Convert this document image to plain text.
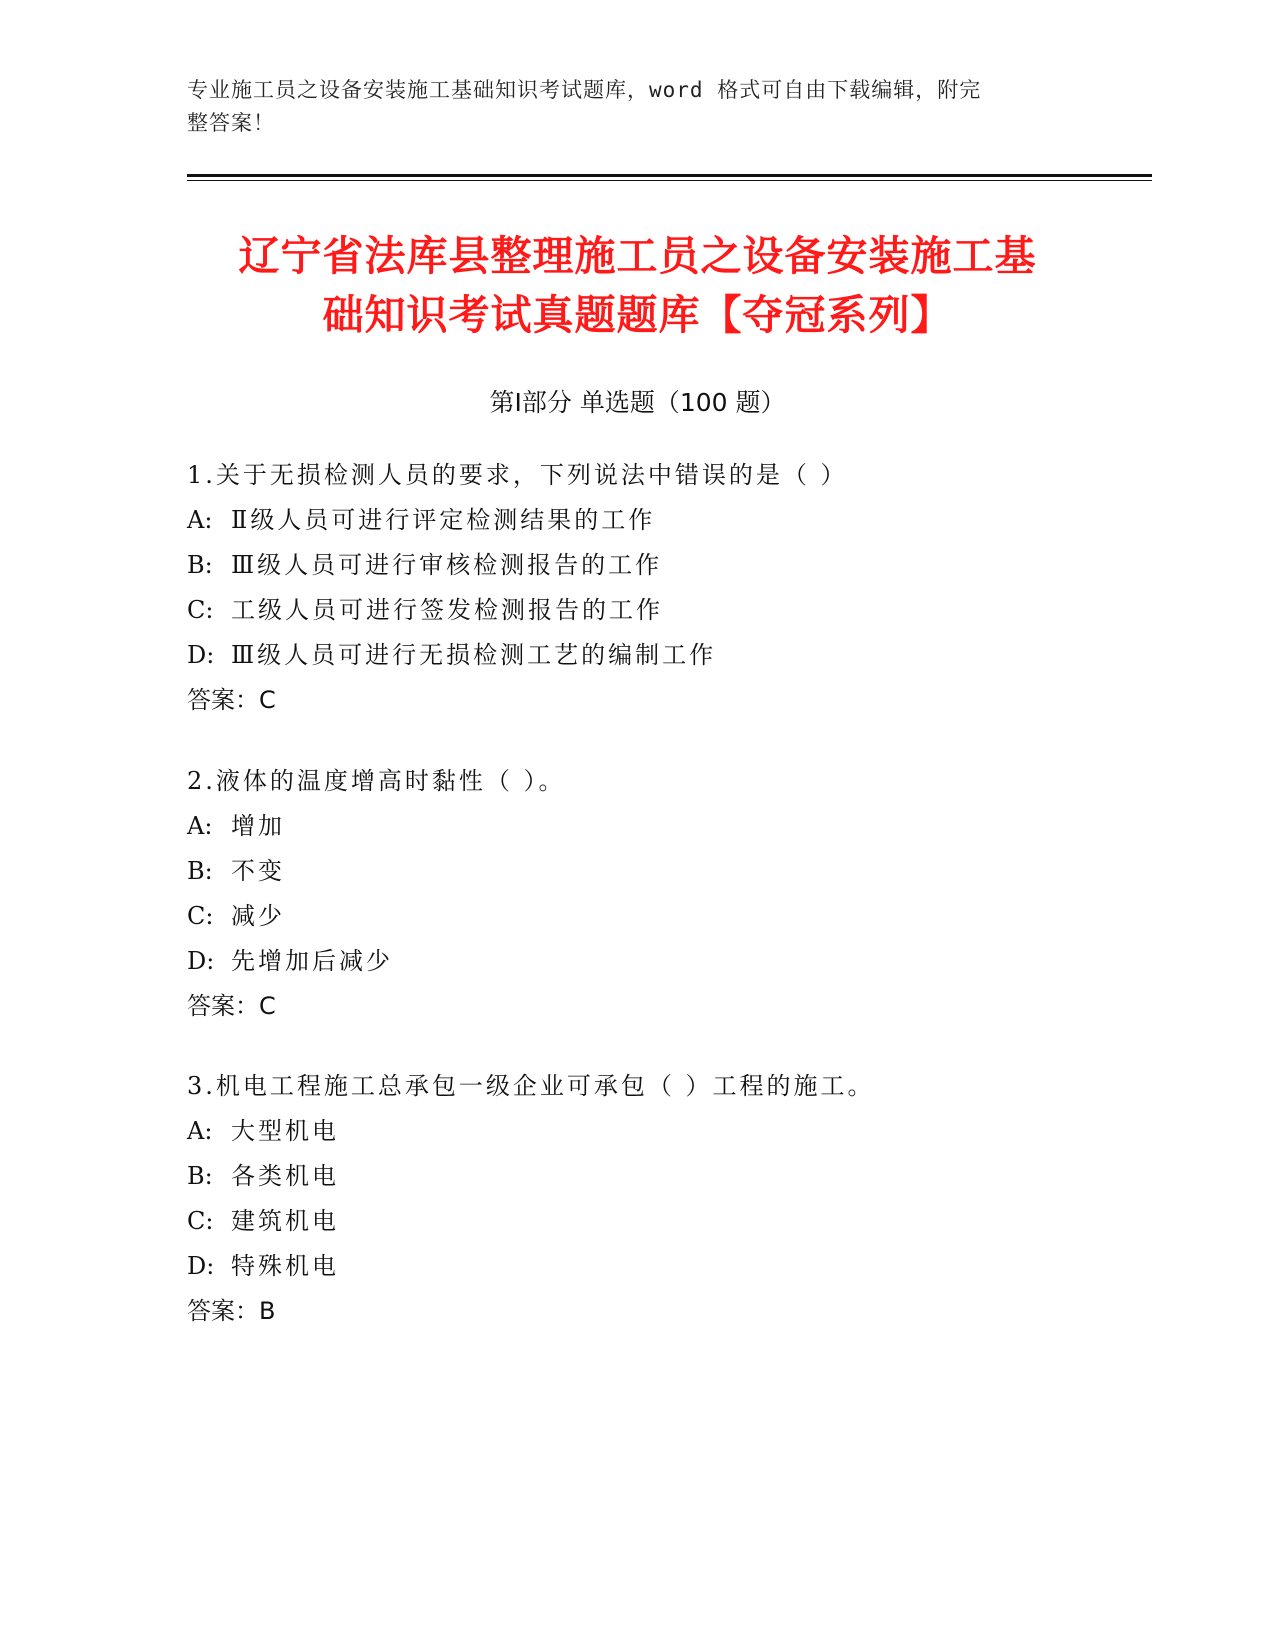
专业施工员之设备安装施工基础知识考试题库，word 格式可自由下载编辑，附完
整答案！
辽宁省法库县整理施工员之设备安装施工基
础知识考试真题题库【夺冠系列】
第Ⅰ部分 单选题（100 题）
1.关于无损检测人员的要求，下列说法中错误的是（ ）
A: Ⅱ级人员可进行评定检测结果的工作
B: Ⅲ级人员可进行审核检测报告的工作
C: 工级人员可进行签发检测报告的工作
D: Ⅲ级人员可进行无损检测工艺的编制工作
答案：C
2.液体的温度增高时黏性（ ）。
A: 增加
B: 不变
C: 减少
D: 先增加后减少
答案：C
3.机电工程施工总承包一级企业可承包（ ）工程的施工。
A: 大型机电
B: 各类机电
C: 建筑机电
D: 特殊机电
答案：B
